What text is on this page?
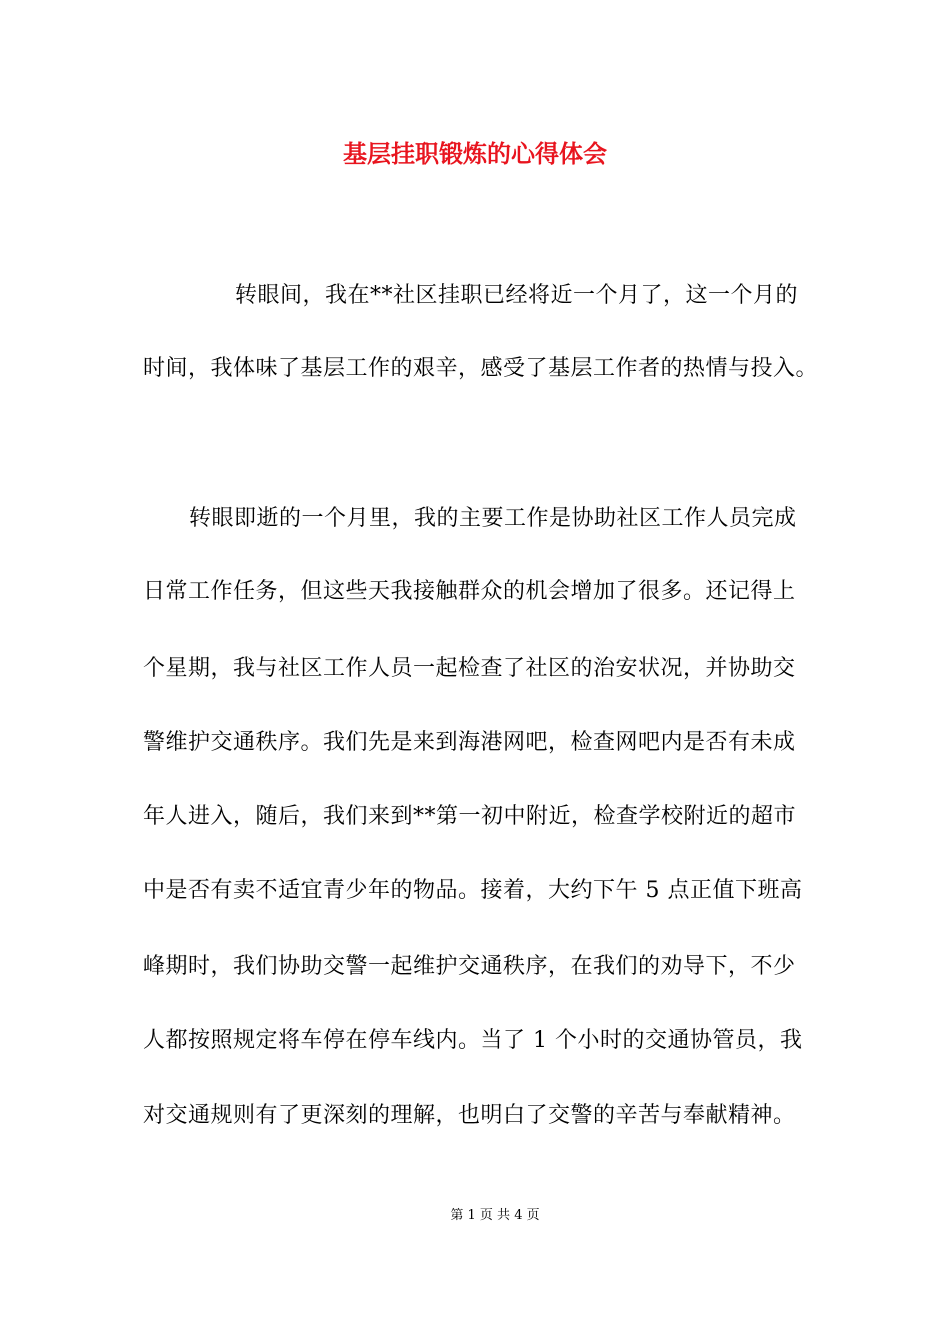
基层挂职锻炼的心得体会
转眼间，我在**社区挂职已经将近一个月了，这一个月的
时间，我体味了基层工作的艰辛，感受了基层工作者的热情与投入。
转眼即逝的一个月里，我的主要工作是协助社区工作人员完成
日常工作任务，但这些天我接触群众的机会增加了很多。还记得上
个星期，我与社区工作人员一起检查了社区的治安状况，并协助交
警维护交通秩序。我们先是来到海港网吧，检查网吧内是否有未成
年人进入，随后，我们来到**第一初中附近，检查学校附近的超市
中是否有卖不适宜青少年的物品。接着，大约下午 5 点正值下班高
峰期时，我们协助交警一起维护交通秩序，在我们的劝导下，不少
人都按照规定将车停在停车线内。当了 1 个小时的交通协管员，我
对交通规则有了更深刻的理解，也明白了交警的辛苦与奉献精神。
第 1 页 共 4 页
